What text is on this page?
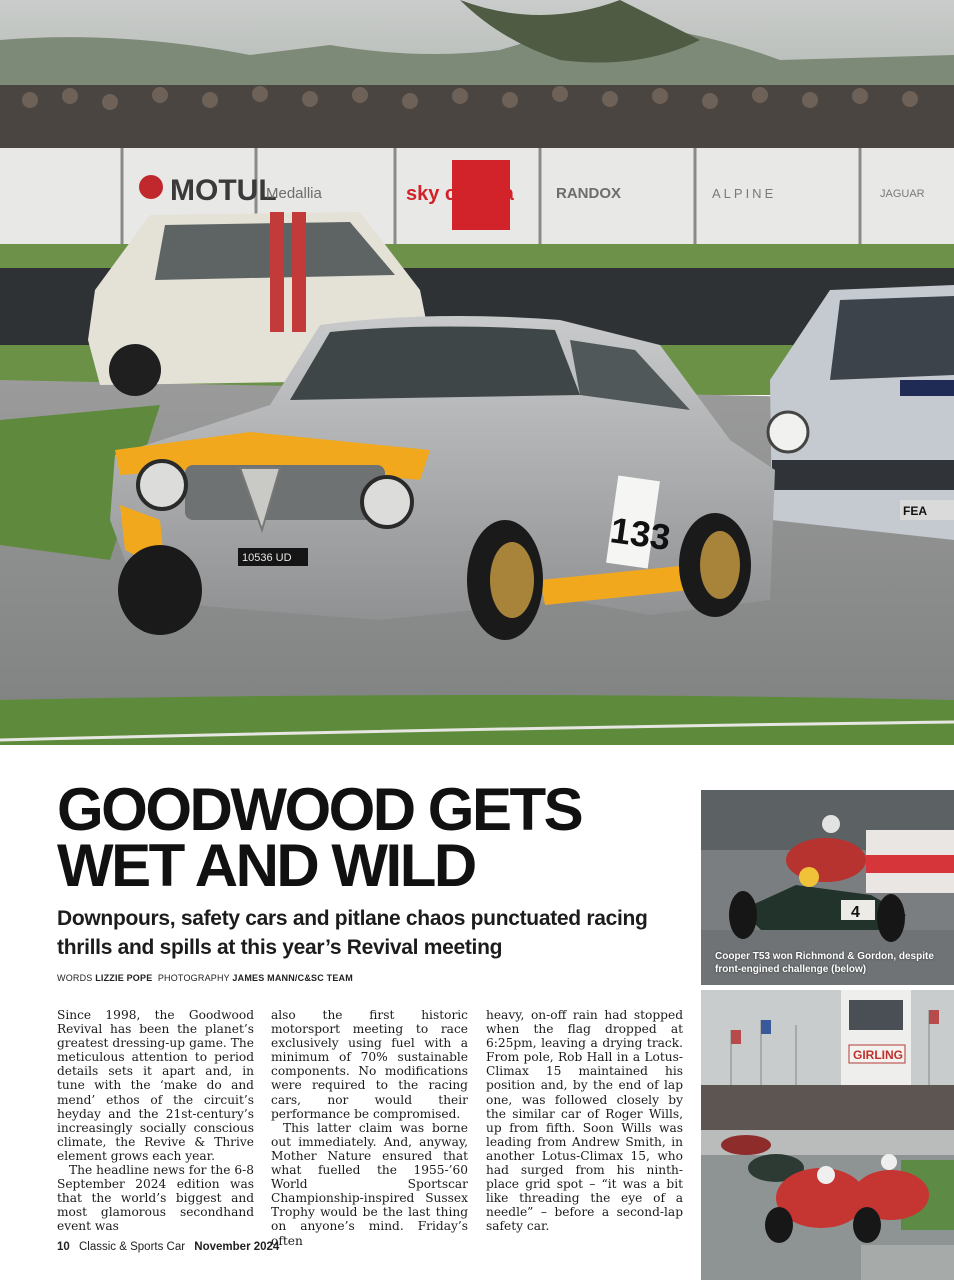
MOTUL	sky cinema
Medallia	RANDOX	ALPINE	JAGUAR
FEA
10536 UD	133
GOODWOOD GETS
WET AND WILD
Downpours, safety cars and pitlane chaos punctuated racing thrills and spills at this year’s Revival meeting
WORDS LIZZIE POPE PHOTOGRAPHY JAMES MANN/C&SC TEAM

Since 1998, the Goodwood Revival has been the planet’s greatest dressing-up game. The meticulous attention to period details sets it apart and, in tune with the ‘make do and mend’ ethos of the circuit’s heyday and the 21st-century’s increasingly socially conscious climate, the Revive & Thrive element grows each year.

The headline news for the 6-8 September 2024 edition was that the world’s biggest and most glamorous secondhand event was

also the first historic motorsport meeting to race exclusively using fuel with a minimum of 70% sustainable components. No modifications were required to the racing cars, nor would their performance be compromised.

This latter claim was borne out immediately. And, anyway, Mother Nature ensured that what fuelled the 1955-’60 World Sportscar Championship-inspired Sussex Trophy would be the last thing on anyone’s mind. Friday’s often

heavy, on-off rain had stopped when the flag dropped at 6:25pm, leaving a drying track. From pole, Rob Hall in a Lotus-Climax 15 maintained his position and, by the end of lap one, was followed closely by the similar car of Roger Wills, up from fifth. Soon Wills was leading from Andrew Smith, in another Lotus-Climax 15, who had surged from his ninth-place grid spot – “it was a bit like threading the eye of a needle” – before a second-lap safety car.

10 Classic & Sports Car November 2024
4
Cooper T53 won Richmond & Gordon, despite front-engined challenge (below)
GIRLING
